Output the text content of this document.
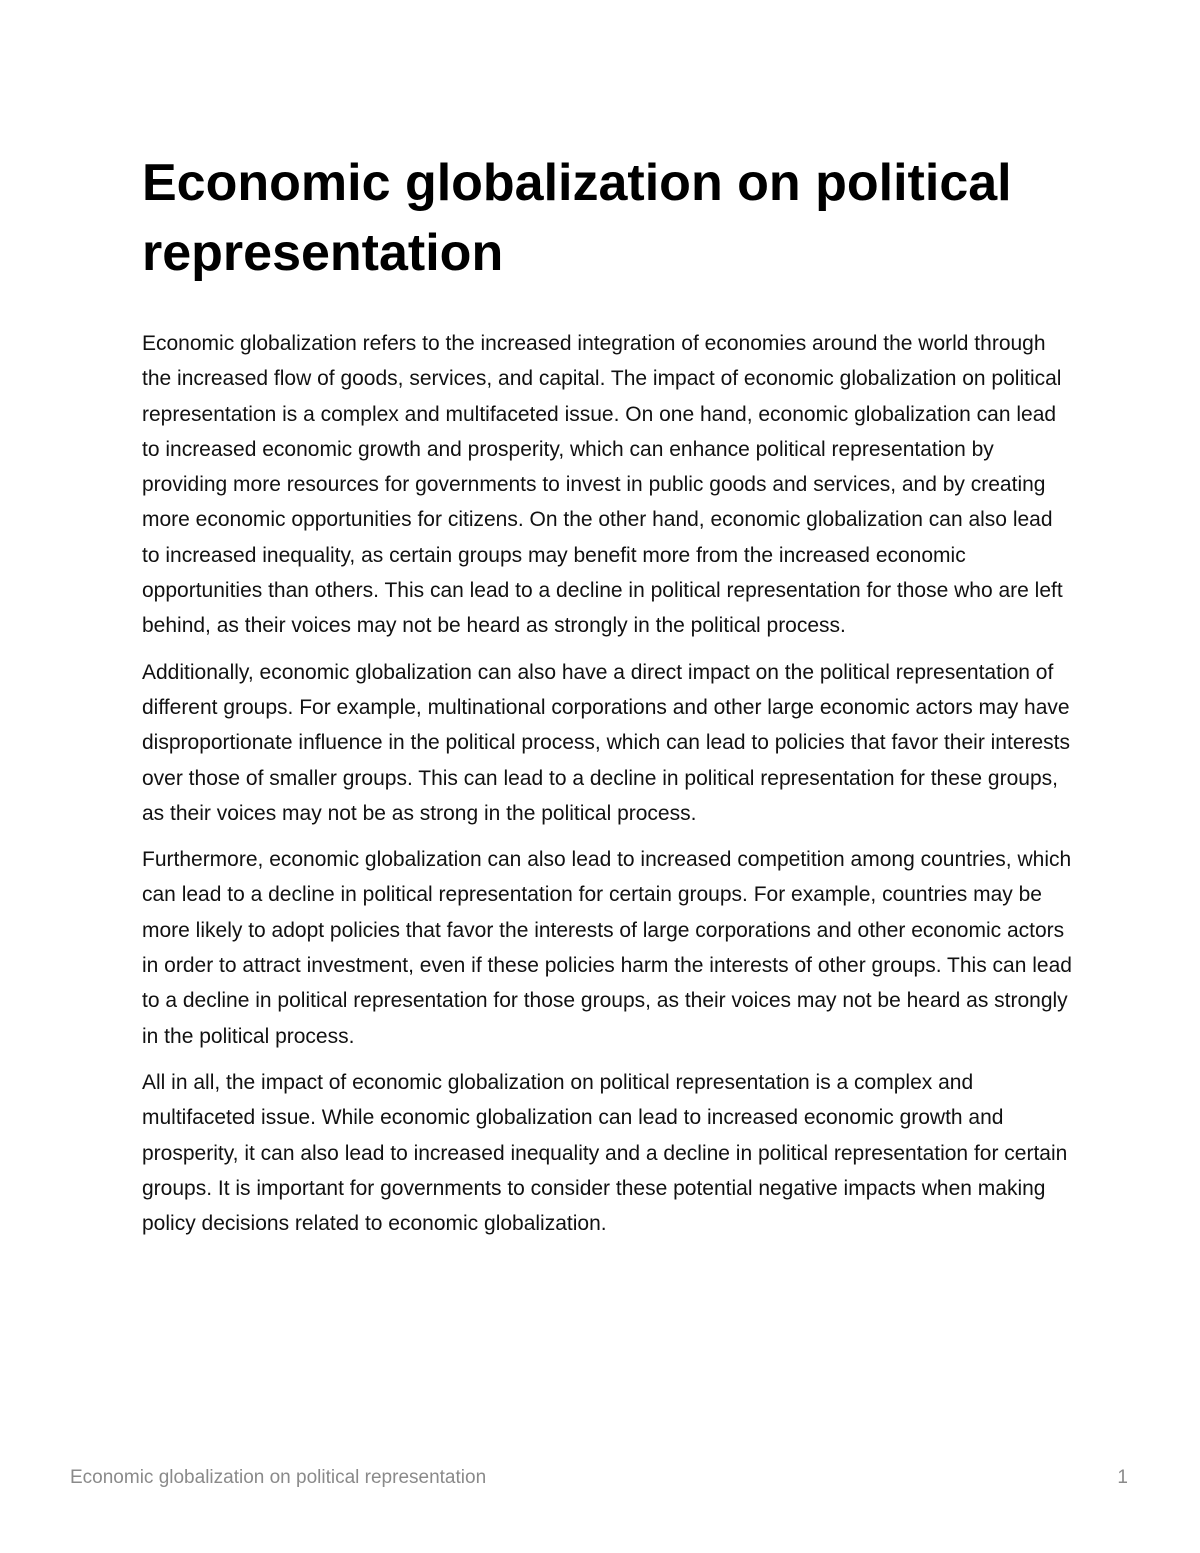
Economic globalization on political representation

Economic globalization refers to the increased integration of economies around the world through the increased flow of goods, services, and capital. The impact of economic globalization on political representation is a complex and multifaceted issue. On one hand, economic globalization can lead to increased economic growth and prosperity, which can enhance political representation by providing more resources for governments to invest in public goods and services, and by creating more economic opportunities for citizens. On the other hand, economic globalization can also lead to increased inequality, as certain groups may benefit more from the increased economic opportunities than others. This can lead to a decline in political representation for those who are left behind, as their voices may not be heard as strongly in the political process.

Additionally, economic globalization can also have a direct impact on the political representation of different groups. For example, multinational corporations and other large economic actors may have disproportionate influence in the political process, which can lead to policies that favor their interests over those of smaller groups. This can lead to a decline in political representation for these groups, as their voices may not be as strong in the political process.

Furthermore, economic globalization can also lead to increased competition among countries, which can lead to a decline in political representation for certain groups. For example, countries may be more likely to adopt policies that favor the interests of large corporations and other economic actors in order to attract investment, even if these policies harm the interests of other groups. This can lead to a decline in political representation for those groups, as their voices may not be heard as strongly in the political process.

All in all, the impact of economic globalization on political representation is a complex and multifaceted issue. While economic globalization can lead to increased economic growth and prosperity, it can also lead to increased inequality and a decline in political representation for certain groups. It is important for governments to consider these potential negative impacts when making policy decisions related to economic globalization.

Economic globalization on political representation	1
